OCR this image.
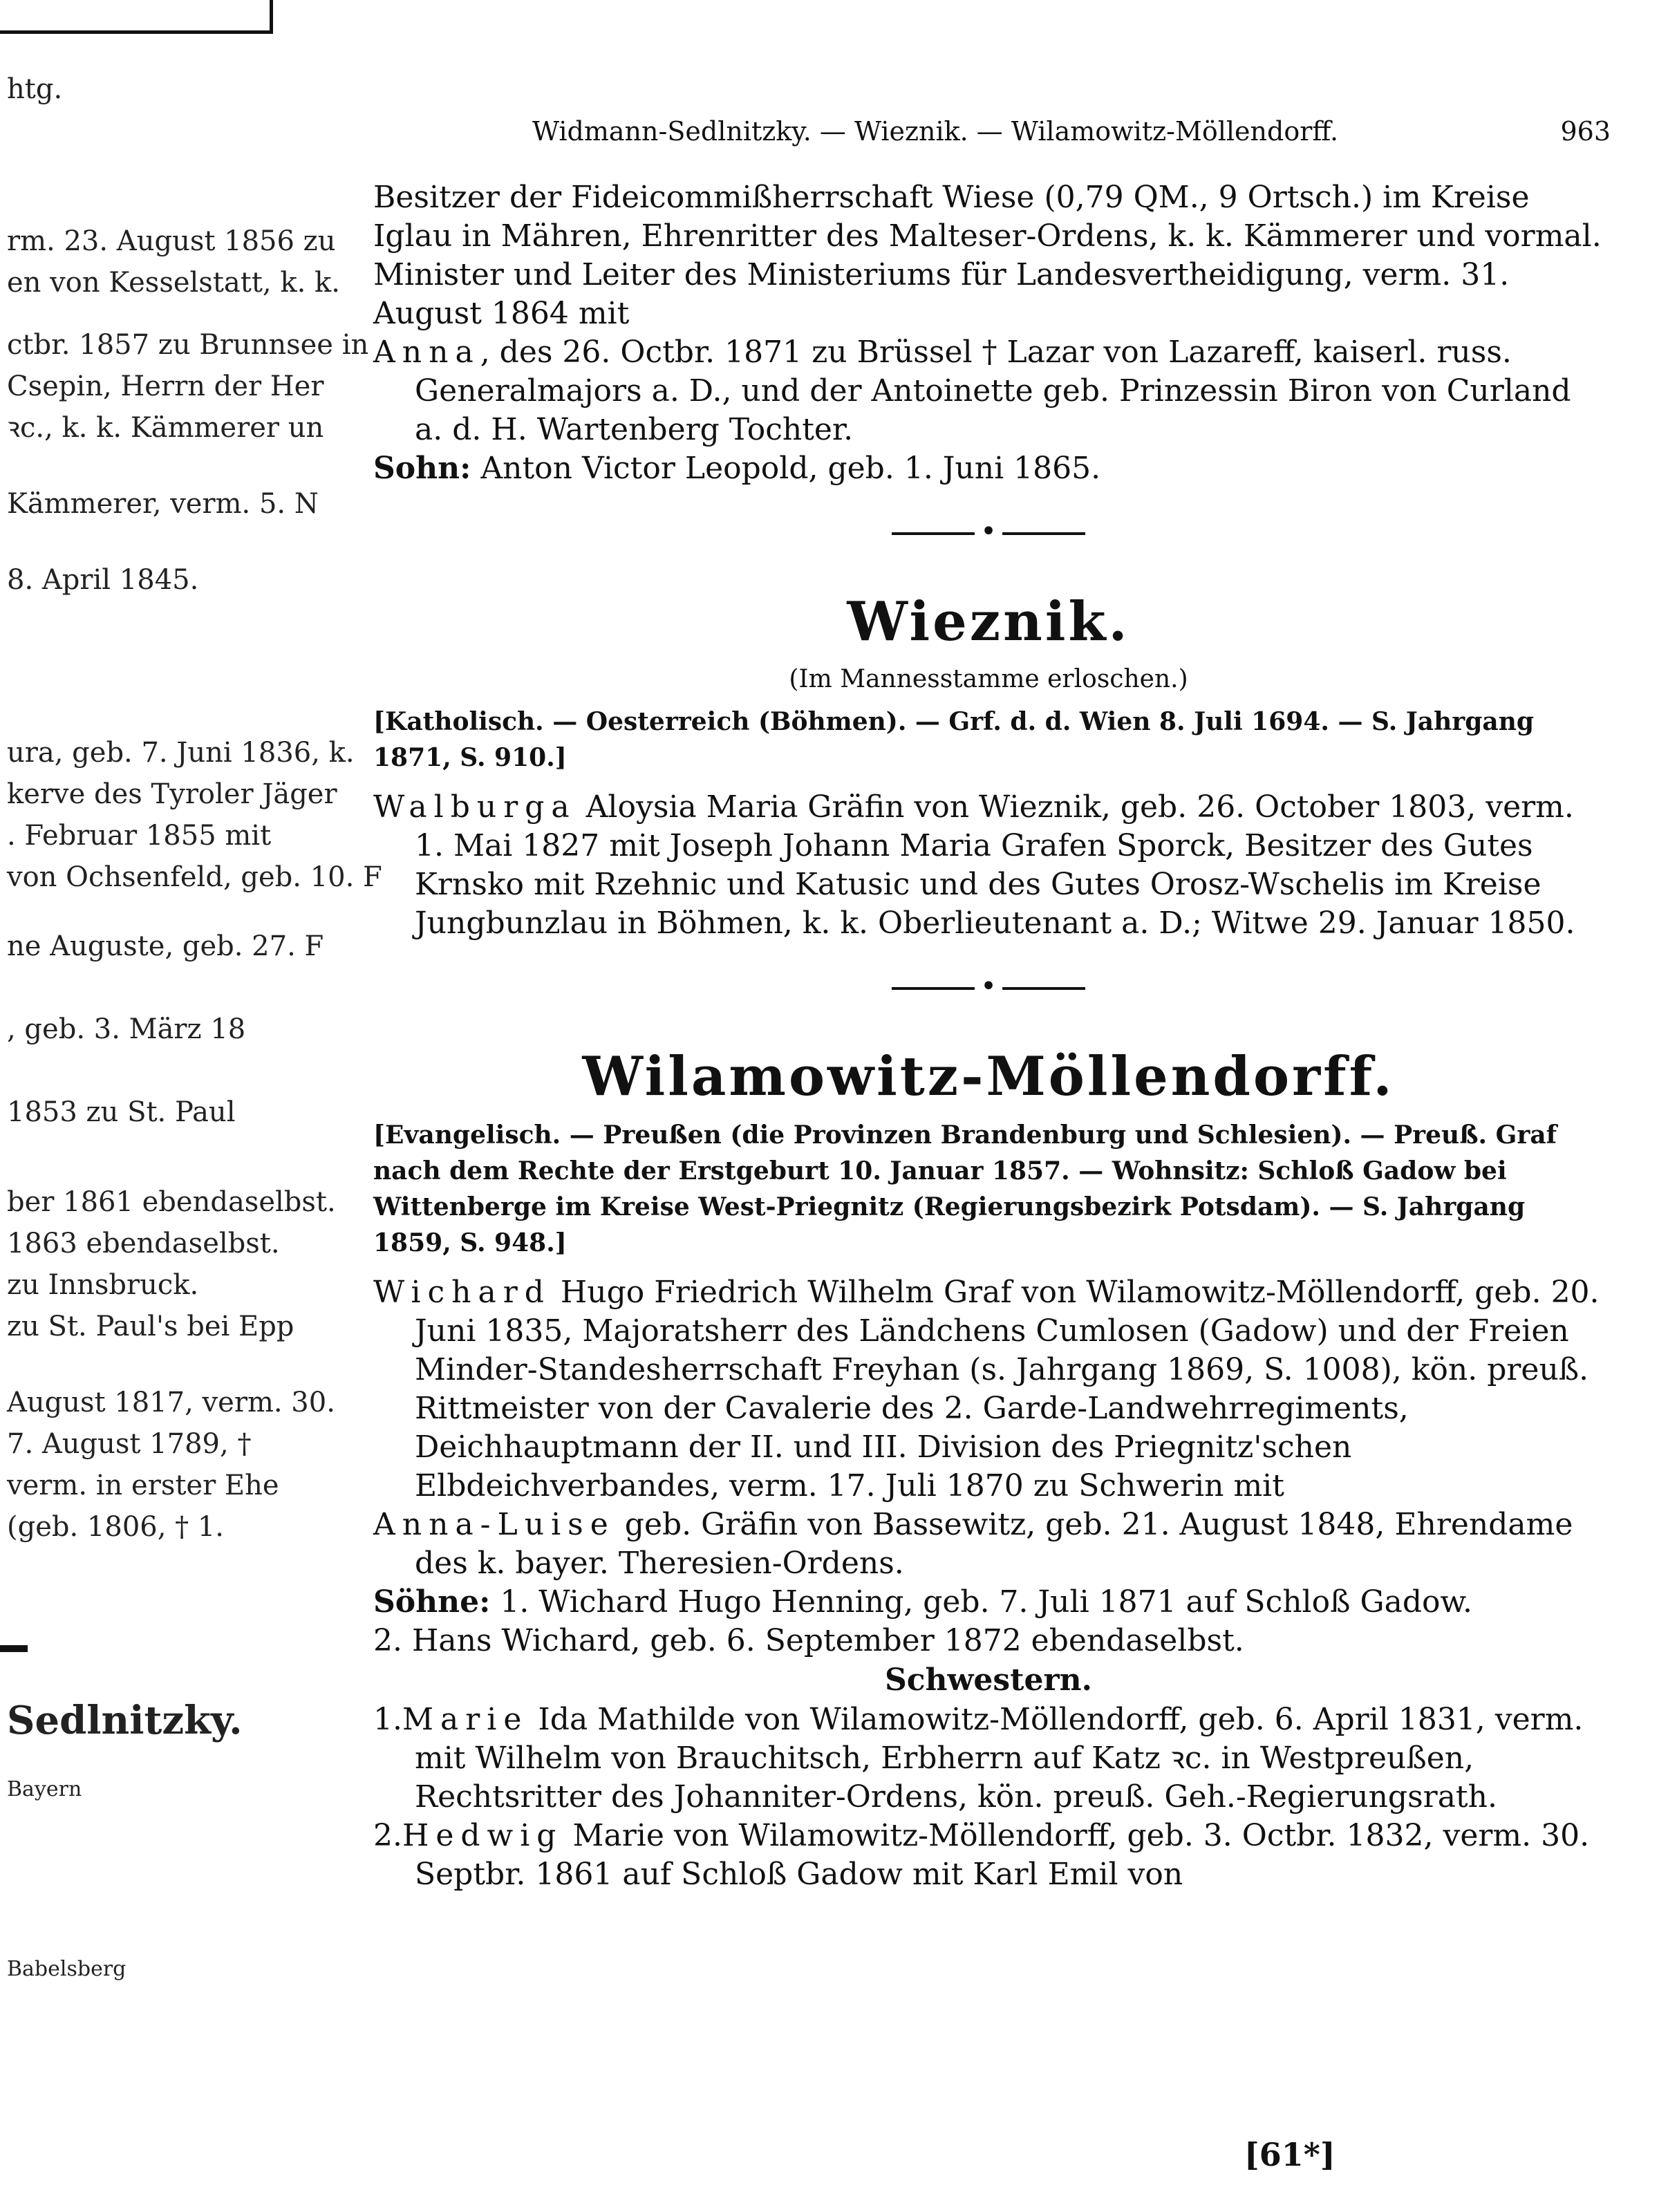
htg.
rm. 23. August 1856 zu
en von Kesselstatt, k. k.
ctbr. 1857 zu Brunnsee in
Csepin, Herrn der Her
ꝛc., k. k. Kämmerer un
Kämmerer, verm. 5. N
8. April 1845.
ura, geb. 7. Juni 1836, k.
kerve des Tyroler Jäger
. Februar 1855 mit
von Ochsenfeld, geb. 10. F
ne Auguste, geb. 27. F
, geb. 3. März 18
1853 zu St. Paul
ber 1861 ebendaselbst.
1863 ebendaselbst.
zu Innsbruck.
zu St. Paul's bei Epp
August 1817, verm. 30.
7. August 1789, †
verm. in erster Ehe
(geb. 1806, † 1.
Sedlnitzky.
Bayern
Babelsberg
Widmann-Sedlnitzky. — Wieznik. — Wilamowitz-Möllendorff.	963

Besitzer der Fideicommißherrschaft Wiese (0,79 QM., 9 Ortsch.) im Kreise Iglau in Mähren, Ehrenritter des Malteser-Ordens, k. k. Kämmerer und vormal. Minister und Leiter des Ministeriums für Landesvertheidigung, verm. 31. August 1864 mit

Anna, des 26. Octbr. 1871 zu Brüssel † Lazar von Lazareff, kaiserl. russ. Generalmajors a. D., und der Antoinette geb. Prinzessin Biron von Curland a. d. H. Wartenberg Tochter.

Sohn: Anton Victor Leopold, geb. 1. Juni 1865.

•
Wieznik.
(Im Mannesstamme erloschen.)

[Katholisch. — Oesterreich (Böhmen). — Grf. d. d. Wien 8. Juli 1694. — S. Jahrgang 1871, S. 910.]

Walburga Aloysia Maria Gräfin von Wieznik, geb. 26. October 1803, verm. 1. Mai 1827 mit Joseph Johann Maria Grafen Sporck, Besitzer des Gutes Krnsko mit Rzehnic und Katusic und des Gutes Orosz-Wschelis im Kreise Jungbunzlau in Böhmen, k. k. Oberlieutenant a. D.; Witwe 29. Januar 1850.

•
Wilamowitz-Möllendorff.

[Evangelisch. — Preußen (die Provinzen Brandenburg und Schlesien). — Preuß. Graf nach dem Rechte der Erstgeburt 10. Januar 1857. — Wohnsitz: Schloß Gadow bei Wittenberge im Kreise West-Priegnitz (Regierungsbezirk Potsdam). — S. Jahrgang 1859, S. 948.]

Wichard Hugo Friedrich Wilhelm Graf von Wilamowitz-Möllendorff, geb. 20. Juni 1835, Majoratsherr des Ländchens Cumlosen (Gadow) und der Freien Minder-Standesherrschaft Freyhan (s. Jahrgang 1869, S. 1008), kön. preuß. Rittmeister von der Cavalerie des 2. Garde-Landwehrregiments, Deichhauptmann der II. und III. Division des Priegnitz'schen Elbdeichverbandes, verm. 17. Juli 1870 zu Schwerin mit

Anna-Luise geb. Gräfin von Bassewitz, geb. 21. August 1848, Ehrendame des k. bayer. Theresien-Ordens.

Söhne: 1. Wichard Hugo Henning, geb. 7. Juli 1871 auf Schloß Gadow.

2. Hans Wichard, geb. 6. September 1872 ebendaselbst.

Schwestern.

1.Marie Ida Mathilde von Wilamowitz-Möllendorff, geb. 6. April 1831, verm. mit Wilhelm von Brauchitsch, Erbherrn auf Katz ꝛc. in Westpreußen, Rechtsritter des Johanniter-Ordens, kön. preuß. Geh.-Regierungsrath.

2.Hedwig Marie von Wilamowitz-Möllendorff, geb. 3. Octbr. 1832, verm. 30. Septbr. 1861 auf Schloß Gadow mit Karl Emil von

[61*]
